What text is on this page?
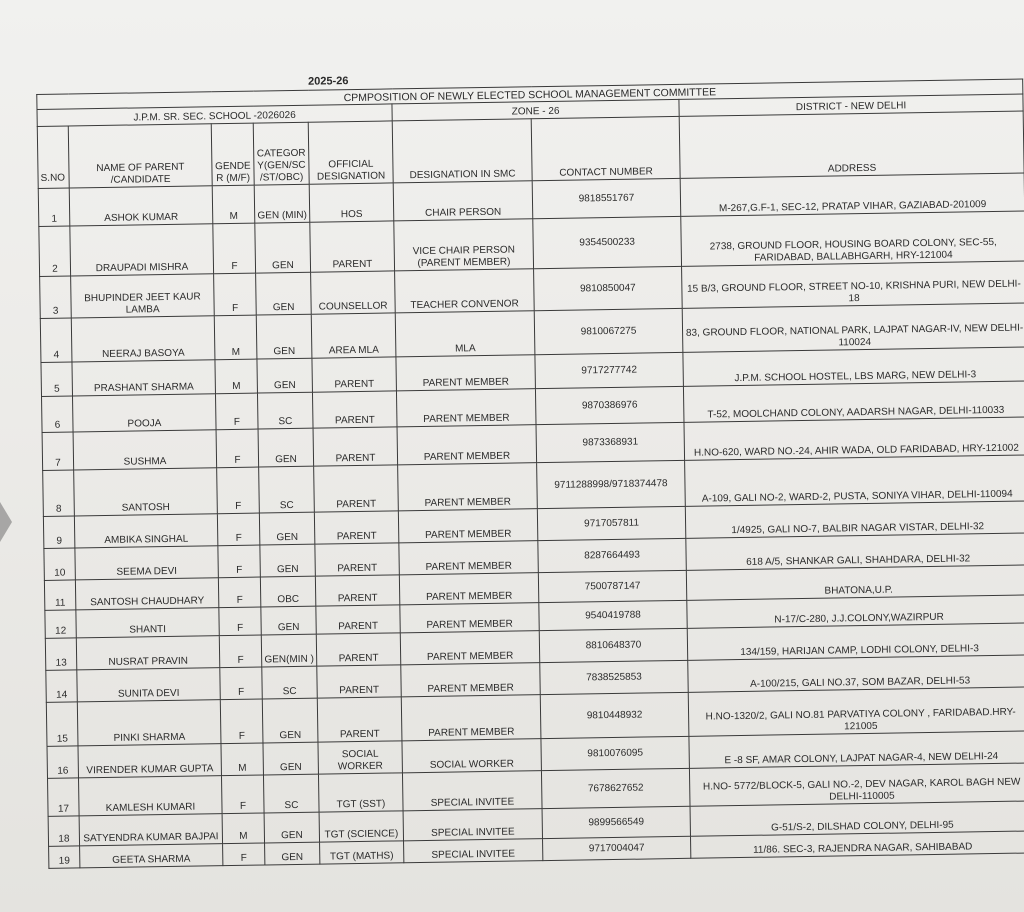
2025-26
CPMPOSITION OF NEWLY ELECTED SCHOOL MANAGEMENT COMMITTEE							
J.P.M. SR. SEC. SCHOOL -2026026					ZONE - 26		DISTRICT - NEW DELHI
S.NO	NAME OF PARENT /CANDIDATE	GENDE R (M/F)	CATEGOR Y(GEN/SC /ST/OBC)	OFFICIAL DESIGNATION	DESIGNATION IN SMC	CONTACT NUMBER	ADDRESS
1	ASHOK KUMAR	M	GEN (MIN)	HOS	CHAIR PERSON	9818551767	M-267,G.F-1, SEC-12, PRATAP VIHAR, GAZIABAD-201009
2	DRAUPADI MISHRA	F	GEN	PARENT	VICE CHAIR PERSON (PARENT MEMBER)	9354500233	2738, GROUND FLOOR, HOUSING BOARD COLONY, SEC-55, FARIDABAD, BALLABHGARH, HRY-121004
3	BHUPINDER JEET KAUR LAMBA	F	GEN	COUNSELLOR	TEACHER CONVENOR	9810850047	15 B/3, GROUND FLOOR, STREET NO-10, KRISHNA PURI, NEW DELHI-18
4	NEERAJ BASOYA	M	GEN	AREA MLA	MLA	9810067275	83, GROUND FLOOR, NATIONAL PARK, LAJPAT NAGAR-IV, NEW DELHI-110024
5	PRASHANT SHARMA	M	GEN	PARENT	PARENT MEMBER	9717277742	J.P.M. SCHOOL HOSTEL, LBS MARG, NEW DELHI-3
6	POOJA	F	SC	PARENT	PARENT MEMBER	9870386976	T-52, MOOLCHAND COLONY, AADARSH NAGAR, DELHI-110033
7	SUSHMA	F	GEN	PARENT	PARENT MEMBER	9873368931	H.NO-620, WARD NO.-24, AHIR WADA, OLD FARIDABAD, HRY-121002
8	SANTOSH	F	SC	PARENT	PARENT MEMBER	9711288998/9718374478	A-109, GALI NO-2, WARD-2, PUSTA, SONIYA VIHAR, DELHI-110094
9	AMBIKA SINGHAL	F	GEN	PARENT	PARENT MEMBER	9717057811	1/4925, GALI NO-7, BALBIR NAGAR VISTAR, DELHI-32
10	SEEMA DEVI	F	GEN	PARENT	PARENT MEMBER	8287664493	618 A/5, SHANKAR GALI, SHAHDARA, DELHI-32
11	SANTOSH CHAUDHARY	F	OBC	PARENT	PARENT MEMBER	7500787147	BHATONA,U.P.
12	SHANTI	F	GEN	PARENT	PARENT MEMBER	9540419788	N-17/C-280, J.J.COLONY,WAZIRPUR
13	NUSRAT PRAVIN	F	GEN(MIN )	PARENT	PARENT MEMBER	8810648370	134/159, HARIJAN CAMP, LODHI COLONY, DELHI-3
14	SUNITA DEVI	F	SC	PARENT	PARENT MEMBER	7838525853	A-100/215, GALI NO.37, SOM BAZAR, DELHI-53
15	PINKI SHARMA	F	GEN	PARENT	PARENT MEMBER	9810448932	H.NO-1320/2, GALI NO.81 PARVATIYA COLONY , FARIDABAD.HRY-121005
16	VIRENDER KUMAR GUPTA	M	GEN	SOCIAL WORKER	SOCIAL WORKER	9810076095	E -8 SF, AMAR COLONY, LAJPAT NAGAR-4, NEW DELHI-24
17	KAMLESH KUMARI	F	SC	TGT (SST)	SPECIAL INVITEE	7678627652	H.NO- 5772/BLOCK-5, GALI NO.-2, DEV NAGAR, KAROL BAGH NEW DELHI-110005
18	SATYENDRA KUMAR BAJPAI	M	GEN	TGT (SCIENCE)	SPECIAL INVITEE	9899566549	G-51/S-2, DILSHAD COLONY, DELHI-95
19	GEETA SHARMA	F	GEN	TGT (MATHS)	SPECIAL INVITEE	9717004047	11/86. SEC-3, RAJENDRA NAGAR, SAHIBABAD
